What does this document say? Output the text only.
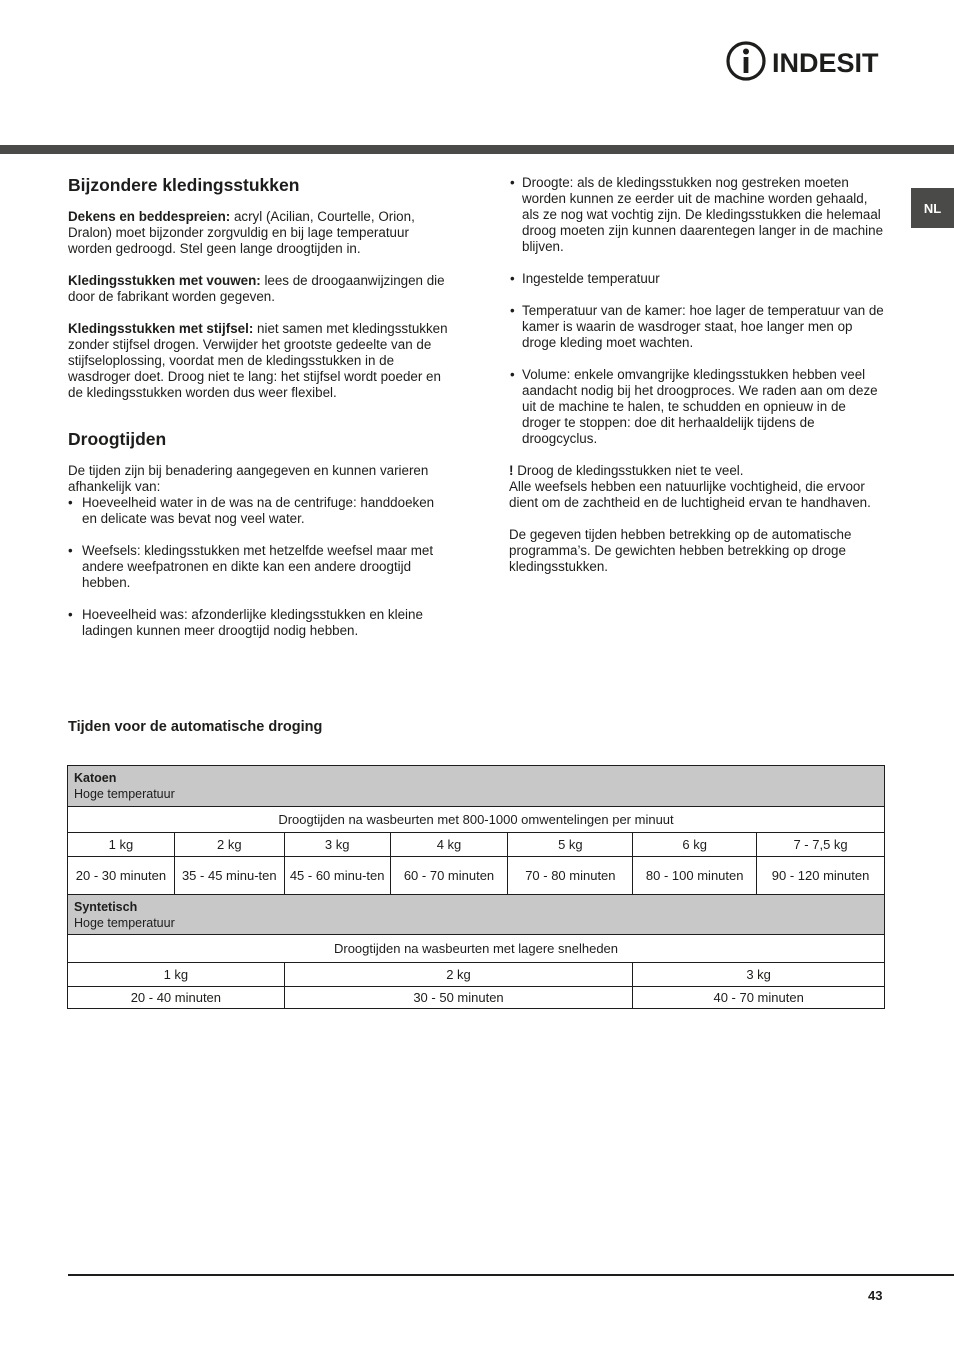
INDESIT
NL
Bijzondere kledingsstukken

Dekens en beddespreien: acryl (Acilian, Courtelle, Orion, Dralon) moet bijzonder zorgvuldig en bij lage temperatuur worden gedroogd. Stel geen lange droogtijden in.

Kledingsstukken met vouwen: lees de droogaanwijzingen die door de fabrikant worden gegeven.

Kledingsstukken met stijfsel: niet samen met kledingsstukken zonder stijfsel drogen. Verwijder het grootste gedeelte van de stijfseloplossing, voordat men de kledingsstukken in de wasdroger doet. Droog niet te lang: het stijfsel wordt poeder en de kledingsstukken worden dus weer flexibel.

Droogtijden
De tijden zijn bij benadering aangegeven en kunnen varieren afhankelijk van:
• Hoeveelheid water in de was na de centrifuge: handdoeken en delicate was bevat nog veel water.
• Weefsels: kledingsstukken met hetzelfde weefsel maar met andere weefpatronen en dikte kan een andere droogtijd hebben.
• Hoeveelheid was: afzonderlijke kledingsstukken en kleine ladingen kunnen meer droogtijd nodig hebben.
• Droogte: als de kledingsstukken nog gestreken moeten worden kunnen ze eerder uit de machine worden gehaald, als ze nog wat vochtig zijn. De kledingsstukken die helemaal droog moeten zijn kunnen daarentegen langer in de machine blijven.
• Ingestelde temperatuur
• Temperatuur van de kamer: hoe lager de temperatuur van de kamer is waarin de wasdroger staat, hoe langer men op droge kleding moet wachten.
• Volume: enkele omvangrijke kledingsstukken hebben veel aandacht nodig bij het droogproces. We raden aan om deze uit de machine te halen, te schudden en opnieuw in de droger te stoppen: doe dit herhaaldelijk tijdens de droogcyclus.
! Droog de kledingsstukken niet te veel.

Alle weefsels hebben een natuurlijke vochtigheid, die ervoor dient om de zachtheid en de luchtigheid ervan te handhaven.

De gegeven tijden hebben betrekking op de automatische programma’s. De gewichten hebben betrekking op droge kledingsstukken.

Tijden voor de automatische droging
Katoen
Hoge temperatuur						
Droogtijden na wasbeurten met 800-1000 omwentelingen per minuut						
1 kg	2 kg	3 kg	4 kg	5 kg	6 kg	7 - 7,5 kg
20 - 30 minuten	35 - 45 minu-ten	45 - 60 minu-ten	60 - 70 minuten	70 - 80 minuten	80 - 100 minuten	90 - 120 minuten
Syntetisch
Hoge temperatuur						
Droogtijden na wasbeurten met lagere snelheden						
1 kg		2 kg			3 kg	
20 - 40 minuten		30 - 50 minuten			40 - 70 minuten	
43
